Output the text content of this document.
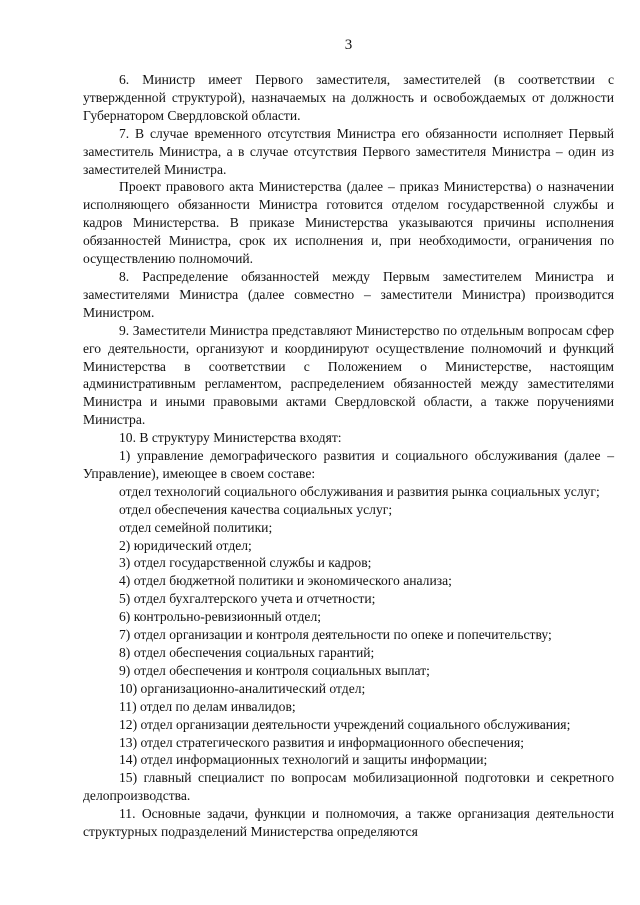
3

6. Министр имеет Первого заместителя, заместителей (в соответствии с утвержденной структурой), назначаемых на должность и освобождаемых от должности Губернатором Свердловской области.

7. В случае временного отсутствия Министра его обязанности исполняет Первый заместитель Министра, а в случае отсутствия Первого заместителя Министра – один из заместителей Министра.

Проект правового акта Министерства (далее – приказ Министерства) о назначении исполняющего обязанности Министра готовится отделом государственной службы и кадров Министерства. В приказе Министерства указываются причины исполнения обязанностей Министра, срок их исполнения и, при необходимости, ограничения по осуществлению полномочий.

8. Распределение обязанностей между Первым заместителем Министра и заместителями Министра (далее совместно – заместители Министра) производится Министром.

9. Заместители Министра представляют Министерство по отдельным вопросам сфер его деятельности, организуют и координируют осуществление полномочий и функций Министерства в соответствии с Положением о Министерстве, настоящим административным регламентом, распределением обязанностей между заместителями Министра и иными правовыми актами Свердловской области, а также поручениями Министра.

10. В структуру Министерства входят:

1) управление демографического развития и социального обслуживания (далее – Управление), имеющее в своем составе:

отдел технологий социального обслуживания и развития рынка социальных услуг;

отдел обеспечения качества социальных услуг;

отдел семейной политики;

2) юридический отдел;

3) отдел государственной службы и кадров;

4) отдел бюджетной политики и экономического анализа;

5) отдел бухгалтерского учета и отчетности;

6) контрольно-ревизионный отдел;

7) отдел организации и контроля деятельности по опеке и попечительству;

8) отдел обеспечения социальных гарантий;

9) отдел обеспечения и контроля социальных выплат;

10) организационно-аналитический отдел;

11) отдел по делам инвалидов;

12) отдел организации деятельности учреждений социального обслуживания;

13) отдел стратегического развития и информационного обеспечения;

14) отдел информационных технологий и защиты информации;

15) главный специалист по вопросам мобилизационной подготовки и секретного делопроизводства.

11. Основные задачи, функции и полномочия, а также организация деятельности структурных подразделений Министерства определяются
